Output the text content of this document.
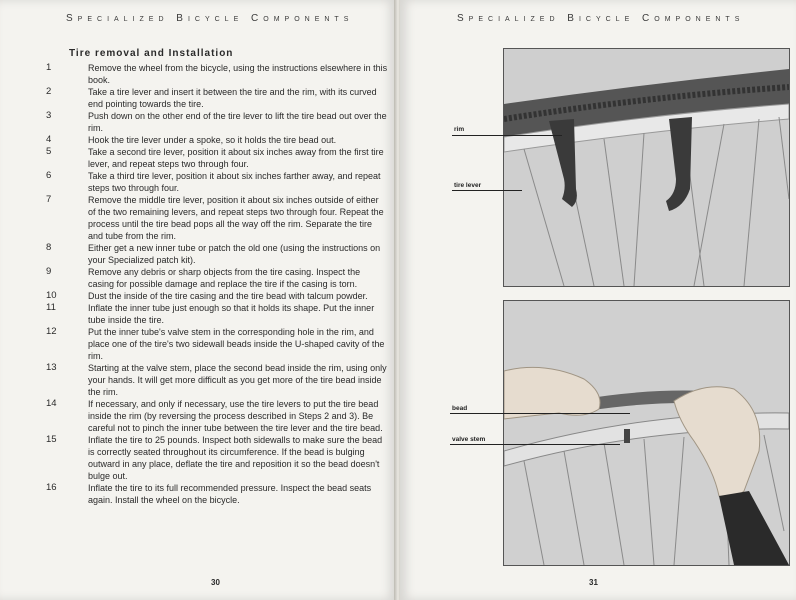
Specialized Bicycle Components
Tire removal and Installation
1	Remove the wheel from the bicycle, using the instructions elsewhere in this book.
2	Take a tire lever and insert it between the tire and the rim, with its curved end pointing towards the tire.
3	Push down on the other end of the tire lever to lift the tire bead out over the rim.
4	Hook the tire lever under a spoke, so it holds the tire bead out.
5	Take a second tire lever, position it about six inches away from the first tire lever, and repeat steps two through four.
6	Take a third tire lever, position it about six inches farther away, and repeat steps two through four.
7	Remove the middle tire lever, position it about six inches outside of either of the two remaining levers, and repeat steps two through four. Repeat the process until the tire bead pops all the way off the rim. Separate the tire and tube from the rim.
8	Either get a new inner tube or patch the old one (using the instructions on your Specialized patch kit).
9	Remove any debris or sharp objects from the tire casing. Inspect the casing for possible damage and replace the tire if the casing is torn.
10	Dust the inside of the tire casing and the tire bead with talcum powder.
11	Inflate the inner tube just enough so that it holds its shape. Put the inner tube inside the tire.
12	Put the inner tube's valve stem in the corresponding hole in the rim, and place one of the tire's two sidewall beads inside the U-shaped cavity of the rim.
13	Starting at the valve stem, place the second bead inside the rim, using only your hands. It will get more difficult as you get more of the tire bead inside the rim.
14	If necessary, and only if necessary, use the tire levers to put the tire bead inside the rim (by reversing the process described in Steps 2 and 3). Be careful not to pinch the inner tube between the tire lever and the tire bead.
15	Inflate the tire to 25 pounds. Inspect both sidewalls to make sure the bead is correctly seated throughout its circumference. If the bead is bulging outward in any place, deflate the tire and reposition it so the bead doesn't bulge out.
16	Inflate the tire to its full recommended pressure. Inspect the bead seats again. Install the wheel on the bicycle.
30
Specialized Bicycle Components
rim
tire lever
bead
valve stem
31
